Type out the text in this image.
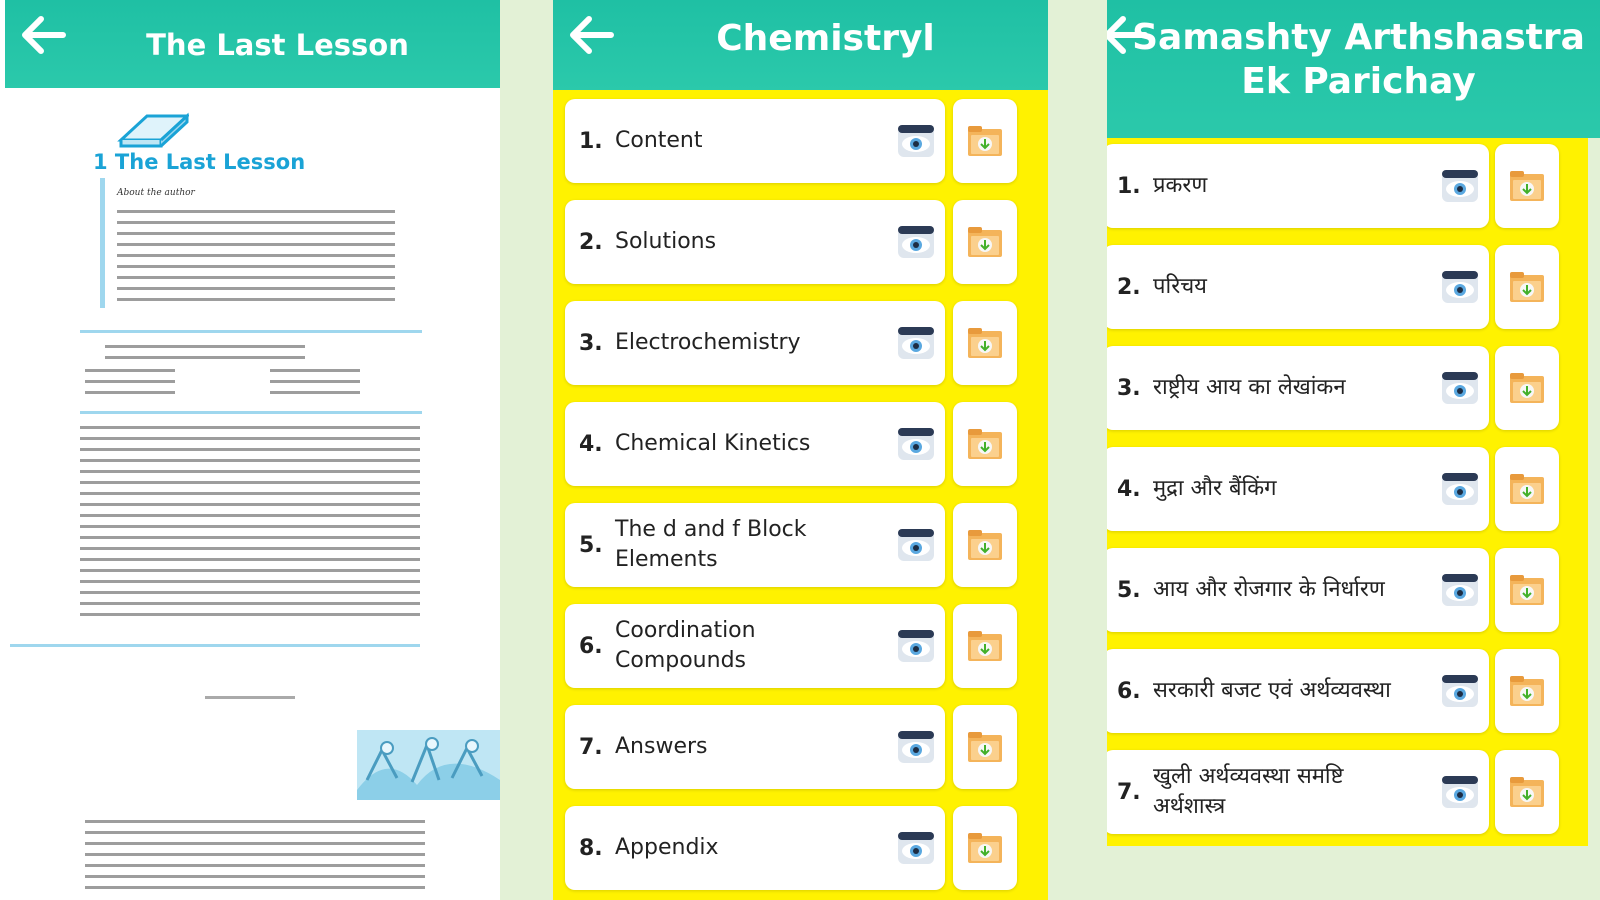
The Last Lesson
1 The Last Lesson
About the author
Chemistryl
1. Content
2. Solutions
3. Electrochemistry
4. Chemical Kinetics
5.
The d and f Block Elements
6.
Coordination Compounds
7. Answers
8. Appendix
Samashty Arthshastra Ek Parichay
1. प्रकरण
2. परिचय
3. राष्ट्रीय आय का लेखांकन
4. मुद्रा और बैंकिंग
5. आय और रोजगार के निर्धारण
6. सरकारी बजट एवं अर्थव्यवस्था
7.
खुली अर्थव्यवस्था समष्टि अर्थशास्त्र
